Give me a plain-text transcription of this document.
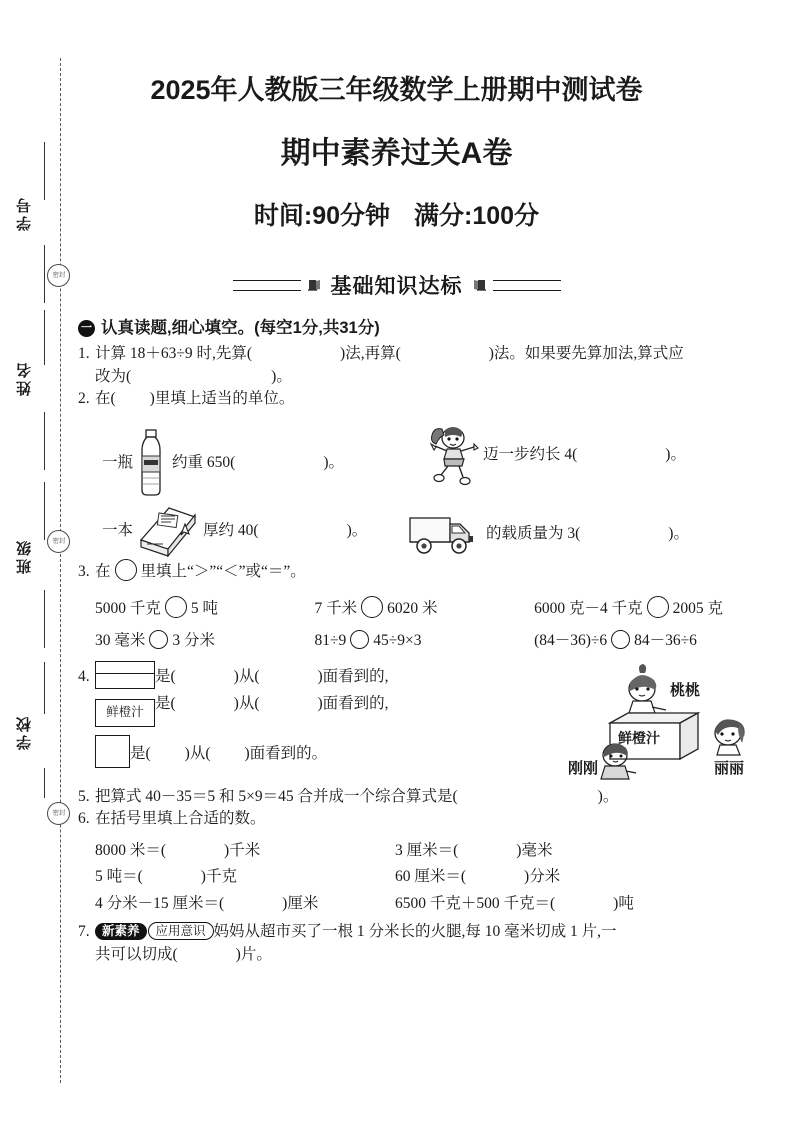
密封
密封
密封
学号
姓名
班级
学校
2025年人教版三年级数学上册期中测试卷
期中素养过关A卷
时间:90分钟 满分:100分
基础知识达标
一 认真读题,细心填空。(每空1分,共31分)
1. 计算 18＋63÷9 时,先算(	)法,再算(	)法。如果要先算加法,算式应
改为(	)。
2. 在( )里填上适当的单位。
一瓶	约重 650(	)。	迈一步约长 4(	)。
一本	厚约 40(	)。	的载质量为 3(	)。
3. 在 里填上“＞”“＜”或“＝”。
5000 千克 5 吨	7 千米 6020 米	6000 克－4 千克 2005 克
30 毫米 3 分米	81÷9 45÷9×3	(84－36)÷6 84－36÷6
4.	是(	)从(	)面看到的,
鲜橙汁 是(	)从(	)面看到的,
是( )从( )面看到的。
桃桃
丽丽
刚刚
鲜橙汁
5. 把算式 40－35＝5 和 5×9＝45 合并成一个综合算式是(	)。
6. 在括号里填上合适的数。
8000 米＝(	)千米	3 厘米＝(	)毫米
5 吨＝(	)千克	60 厘米＝(	)分米
4 分米－15 厘米＝(	)厘米	6500 千克＋500 千克＝(	)吨
7. 新素养 应用意识 妈妈从超市买了一根 1 分米长的火腿,每 10 毫米切成 1 片,一
共可以切成(	)片。
